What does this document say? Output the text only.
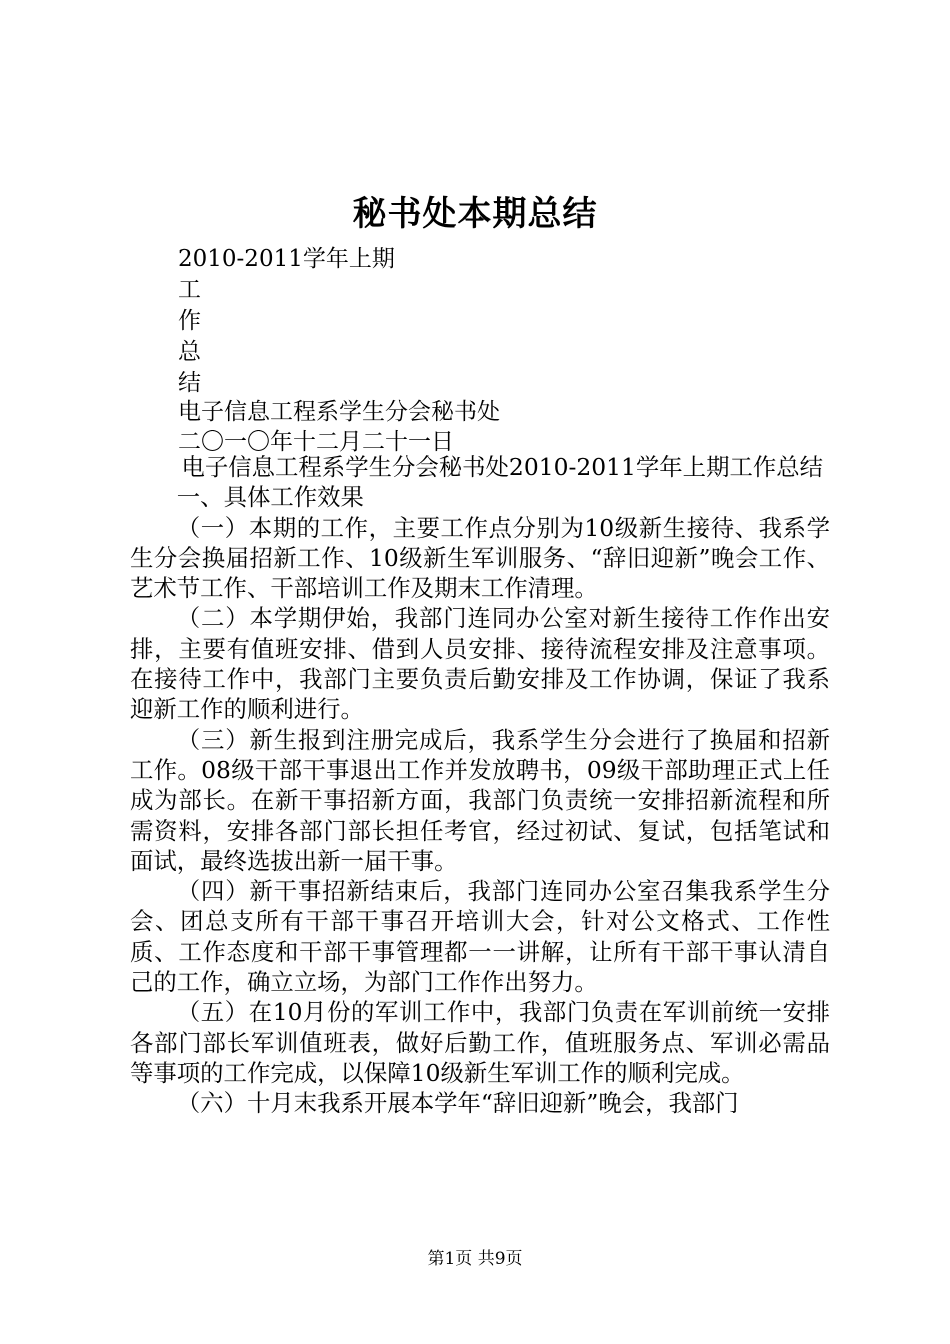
秘书处本期总结
2010-2011学年上期
工
作
总
结
电子信息工程系学生分会秘书处
二〇一〇年十二月二十一日

电子信息工程系学生分会秘书处2010-2011学年上期工作总结

一、具体工作效果

（一）本期的工作，主要工作点分别为10级新生接待、我系学生分会换届招新工作、10级新生军训服务、“辞旧迎新”晚会工作、艺术节工作、干部培训工作及期末工作清理。

（二）本学期伊始，我部门连同办公室对新生接待工作作出安排，主要有值班安排、借到人员安排、接待流程安排及注意事项。在接待工作中，我部门主要负责后勤安排及工作协调，保证了我系迎新工作的顺利进行。

（三）新生报到注册完成后，我系学生分会进行了换届和招新工作。08级干部干事退出工作并发放聘书，09级干部助理正式上任成为部长。在新干事招新方面，我部门负责统一安排招新流程和所需资料，安排各部门部长担任考官，经过初试、复试，包括笔试和面试，最终选拔出新一届干事。

（四）新干事招新结束后，我部门连同办公室召集我系学生分会、团总支所有干部干事召开培训大会，针对公文格式、工作性质、工作态度和干部干事管理都一一讲解，让所有干部干事认清自己的工作，确立立场，为部门工作作出努力。

（五）在10月份的军训工作中，我部门负责在军训前统一安排各部门部长军训值班表，做好后勤工作，值班服务点、军训必需品等事项的工作完成，以保障10级新生军训工作的顺利完成。

（六）十月末我系开展本学年“辞旧迎新”晚会，我部门

第1页 共9页
